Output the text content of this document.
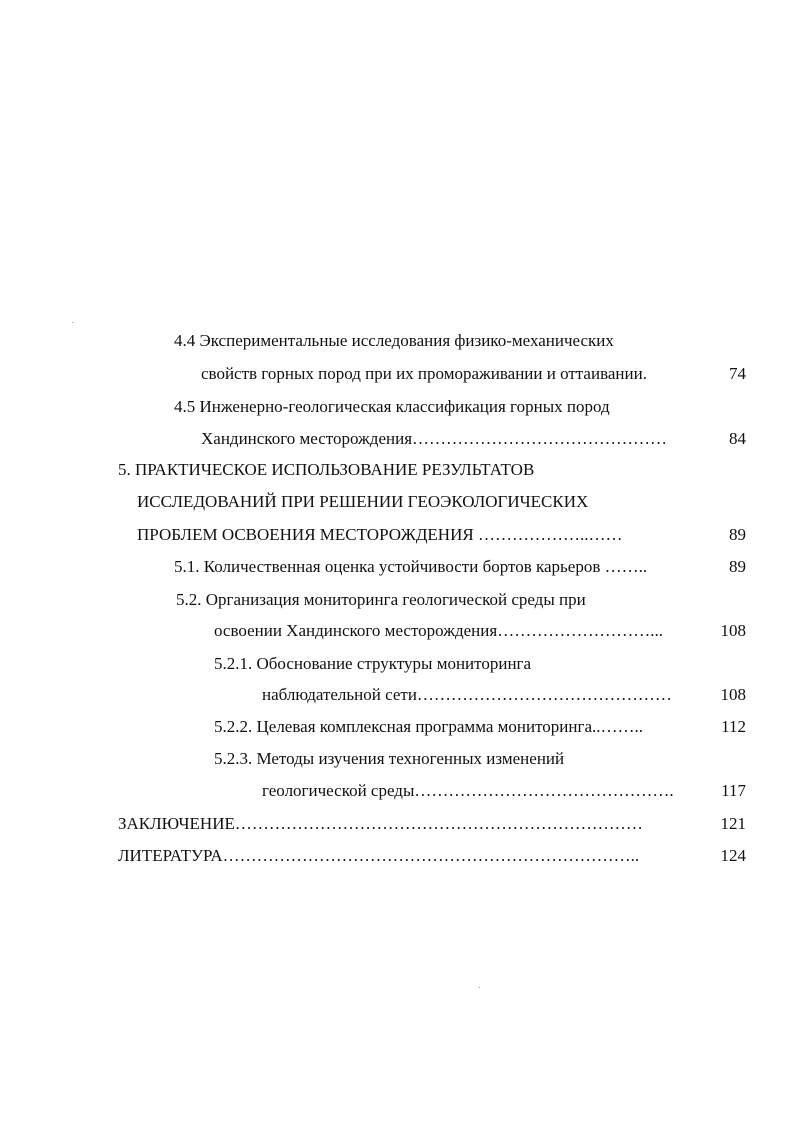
4.4 Экспериментальные исследования физико-механических
свойств горных пород при их промораживании и оттаивании.	74
4.5 Инженерно-геологическая классификация горных пород
Хандинского месторождения………………………………………	84
5. ПРАКТИЧЕСКОЕ ИСПОЛЬЗОВАНИЕ РЕЗУЛЬТАТОВ
ИССЛЕДОВАНИЙ ПРИ РЕШЕНИИ ГЕОЭКОЛОГИЧЕСКИХ
ПРОБЛЕМ ОСВОЕНИЯ МЕСТОРОЖДЕНИЯ ………………..……	89
5.1. Количественная оценка устойчивости бортов карьеров ……..	89
5.2. Организация мониторинга геологической среды при
освоении Хандинского месторождения………………………...	108
5.2.1. Обоснование структуры мониторинга
наблюдательной сети………………………………………	108
5.2.2. Целевая комплексная программа мониторинга..……..	112
5.2.3. Методы изучения техногенных изменений
геологической среды……………………………………….	117
ЗАКЛЮЧЕНИЕ………………………………………………………………	121
ЛИТЕРАТУРА………………………………………………………………..	124
